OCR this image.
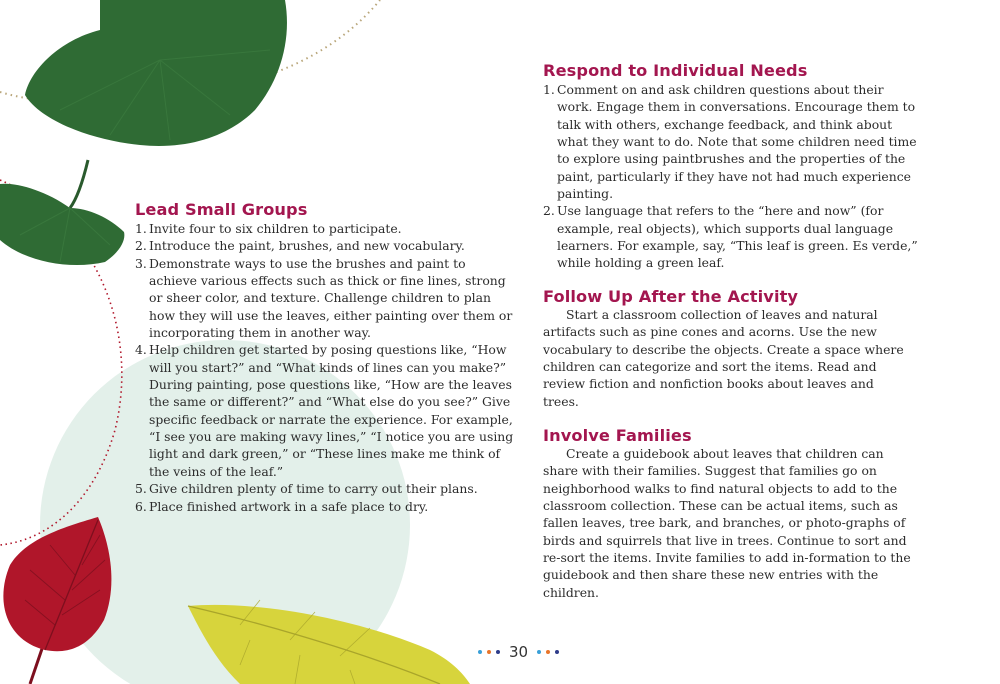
Lead Small Groups
1. Invite four to six children to participate.
2. Introduce the paint, brushes, and new vocabulary.
3. Demonstrate ways to use the brushes and paint to achieve various effects such as thick or fine lines, strong or sheer color, and texture. Challenge children to plan how they will use the leaves, either painting over them or incorporating them in another way.
4. Help children get started by posing questions like, “How will you start?” and “What kinds of lines can you make?” During painting, pose questions like, “How are the leaves the same or different?” and “What else do you see?” Give specific feedback or narrate the experience. For example, “I see you are making wavy lines,” “I notice you are using light and dark green,” or “These lines make me think of the veins of the leaf.”
5. Give children plenty of time to carry out their plans.
6. Place finished artwork in a safe place to dry.
Respond to Individual Needs
1. Comment on and ask children questions about their work. Engage them in conversations. Encourage them to talk with others, exchange feedback, and think about what they want to do. Note that some children need time to explore using paintbrushes and the properties of the paint, particularly if they have not had much experience painting.
2. Use language that refers to the “here and now” (for example, real objects), which supports dual language learners. For example, say, “This leaf is green. Es verde,” while holding a green leaf.
Follow Up After the Activity

Start a classroom collection of leaves and natural artifacts such as pine cones and acorns. Use the new vocabulary to describe the objects. Create a space where children can categorize and sort the items. Read and review fiction and nonfiction books about leaves and trees.

Involve Families

Create a guidebook about leaves that children can share with their families. Suggest that families go on neighborhood walks to find natural objects to add to the classroom collection. These can be actual items, such as fallen leaves, tree bark, and branches, or photo-graphs of birds and squirrels that live in trees. Continue to sort and re-sort the items. Invite families to add in-formation to the guidebook and then share these new entries with the children.

30
